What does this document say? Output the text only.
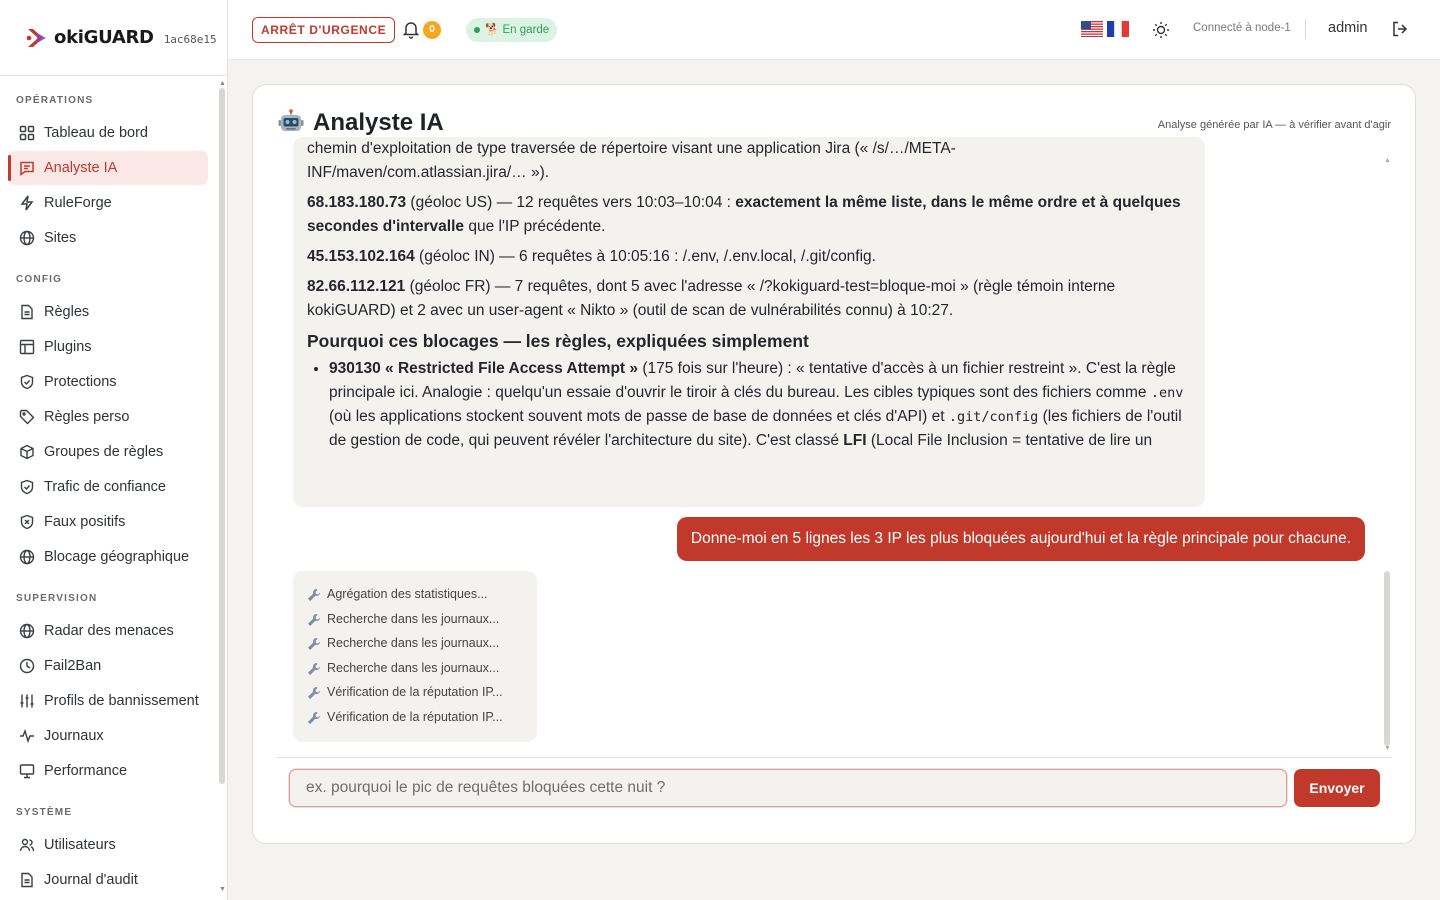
okiGUARD 1ac68e15
OPÉRATIONS
Tableau de bord
Analyste IA
RuleForge
Sites
CONFIG
Règles
Plugins
Protections
Règles perso
Groupes de règles
Trafic de confiance
Faux positifs
Blocage géographique
SUPERVISION
Radar des menaces
Fail2Ban
Profils de bannissement
Journaux
Performance
SYSTÈME
Utilisateurs
Journal d'audit
▲
▼
ARRÊT D'URGENCE	0	🐕 En garde	Connecté à node-1	admin
Analyste IA	Analyse générée par IA — à vérifier avant d'agir

chemin d'exploitation de type traversée de répertoire visant une application Jira (« /s/…/META-
INF/maven/com.atlassian.jira/… »).

68.183.180.73 (géoloc US) — 12 requêtes vers 10:03–10:04 : exactement la même liste, dans le même ordre et à quelques secondes d'intervalle que l'IP précédente.

45.153.102.164 (géoloc IN) — 6 requêtes à 10:05:16 : /.env, /.env.local, /.git/config.

82.66.112.121 (géoloc FR) — 7 requêtes, dont 5 avec l'adresse « /?kokiguard-test=bloque-moi » (règle témoin interne kokiGUARD) et 2 avec un user-agent « Nikto » (outil de scan de vulnérabilités connu) à 10:27.

Pourquoi ces blocages — les règles, expliquées simplement
• 930130 « Restricted File Access Attempt » (175 fois sur l'heure) : « tentative d'accès à un fichier restreint ». C'est la règle principale ici. Analogie : quelqu'un essaie d'ouvrir le tiroir à clés du bureau. Les cibles typiques sont des fichiers comme .env (où les applications stockent souvent mots de passe de base de données et clés d'API) et .git/config (les fichiers de l'outil de gestion de code, qui peuvent révéler l'architecture du site). C'est classé LFI (Local File Inclusion = tentative de lire un
Donne-moi en 5 lignes les 3 IP les plus bloquées aujourd'hui et la règle principale pour chacune.
Agrégation des statistiques...
Recherche dans les journaux...
Recherche dans les journaux...
Recherche dans les journaux...
Vérification de la réputation IP...
Vérification de la réputation IP...
▲
▼
ex. pourquoi le pic de requêtes bloquées cette nuit ?
Envoyer
